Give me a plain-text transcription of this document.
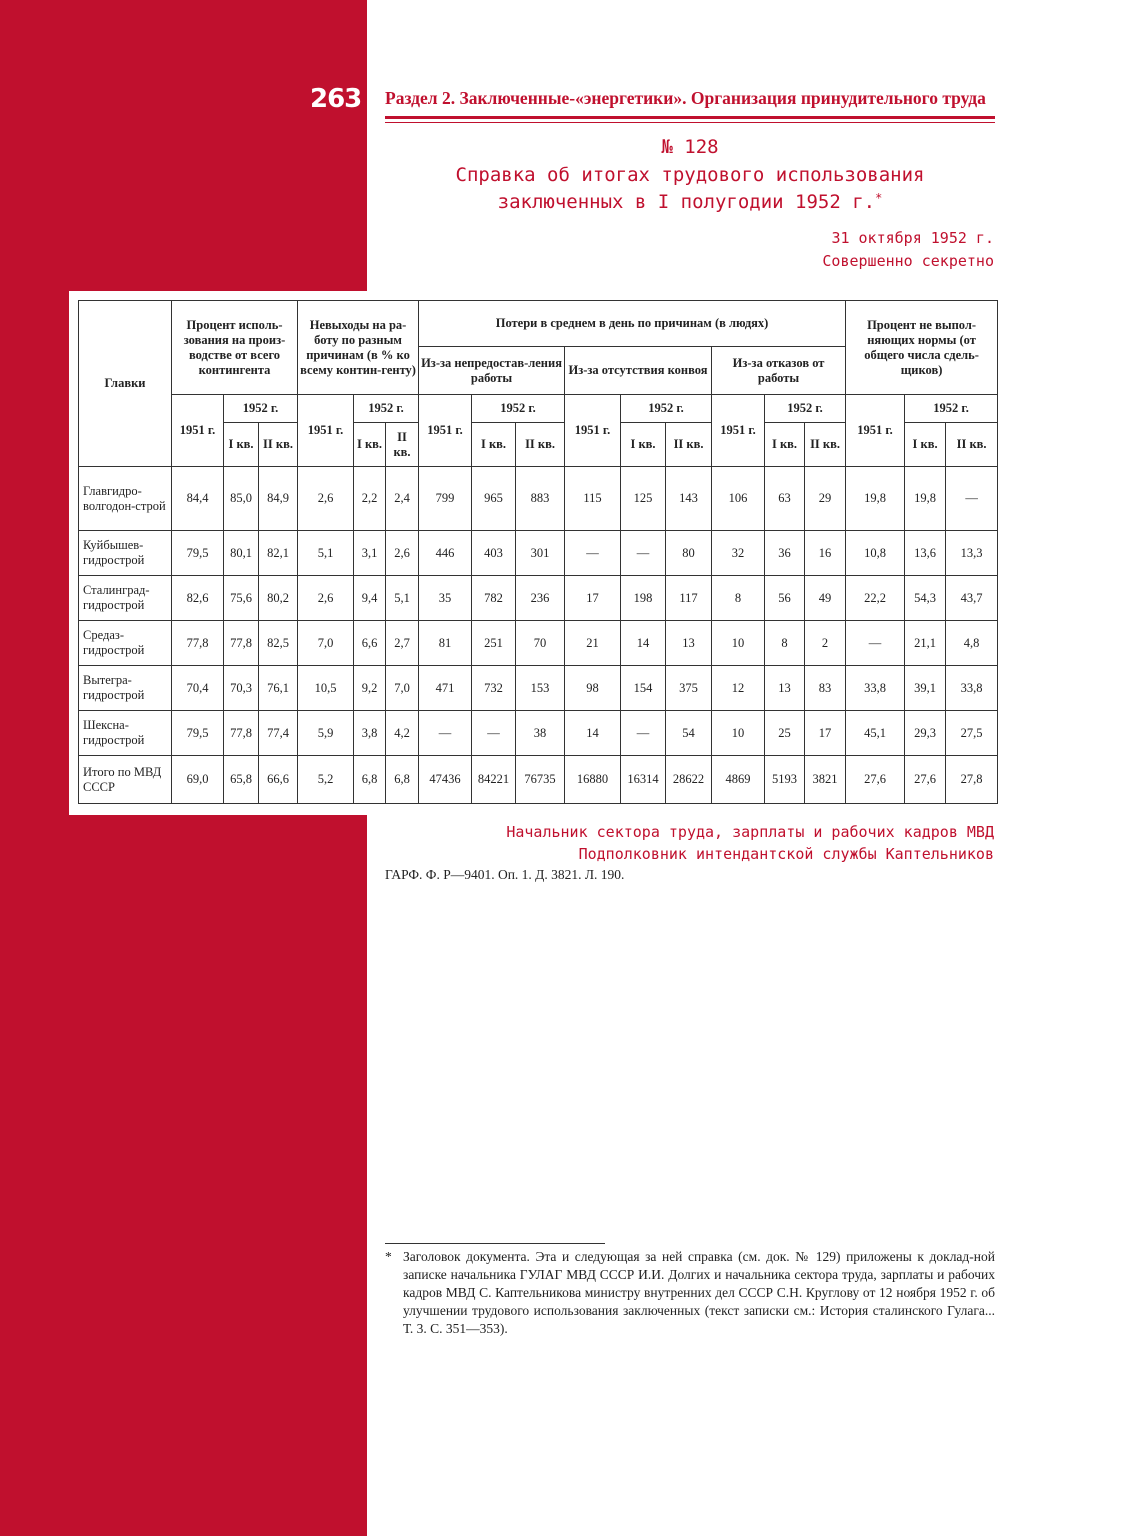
263 Раздел 2. Заключенные-«энергетики». Организация принудительного труда
№ 128
Справка об итогах трудового использования
заключенных в I полугодии 1952 г.*
31 октября 1952 г.
Совершенно секретно
Главки	Процент исполь-зования на произ-водстве от всего контингента			Невыходы на ра-боту по разным причинам (в % ко всему контин-генту)			Потери в среднем в день по причинам (в людях)									Процент не выпол-няющих нормы (от общего числа сдель-щиков)		
							Из-за непредостав-ления работы			Из-за отсутствия конвоя			Из-за отказов от работы					
	1951 г.	1952 г.		1951 г.	1952 г.		1951 г.	1952 г.		1951 г.	1952 г.		1951 г.	1952 г.		1951 г.	1952 г.	
		I кв.	II кв.		I кв.	II кв.		I кв.	II кв.		I кв.	II кв.		I кв.	II кв.		I кв.	II кв.
Главгидро-волгодон-строй	84,4	85,0	84,9	2,6	2,2	2,4	799	965	883	115	125	143	106	63	29	19,8	19,8	—
Куйбышев-гидрострой	79,5	80,1	82,1	5,1	3,1	2,6	446	403	301	—	—	80	32	36	16	10,8	13,6	13,3
Сталинград-гидрострой	82,6	75,6	80,2	2,6	9,4	5,1	35	782	236	17	198	117	8	56	49	22,2	54,3	43,7
Средаз-гидрострой	77,8	77,8	82,5	7,0	6,6	2,7	81	251	70	21	14	13	10	8	2	—	21,1	4,8
Вытегра-гидрострой	70,4	70,3	76,1	10,5	9,2	7,0	471	732	153	98	154	375	12	13	83	33,8	39,1	33,8
Шексна-гидрострой	79,5	77,8	77,4	5,9	3,8	4,2	—	—	38	14	—	54	10	25	17	45,1	29,3	27,5
Итого по МВД СССР	69,0	65,8	66,6	5,2	6,8	6,8	47436	84221	76735	16880	16314	28622	4869	5193	3821	27,6	27,6	27,8
Начальник сектора труда, зарплаты и рабочих кадров МВД
Подполковник интендантской службы Каптельников
ГАРФ. Ф. Р—9401. Оп. 1. Д. 3821. Л. 190.
* Заголовок документа. Эта и следующая за ней справка (см. док. № 129) приложены к доклад-ной записке начальника ГУЛАГ МВД СССР И.И. Долгих и начальника сектора труда, зарплаты и рабочих кадров МВД С. Каптельникова министру внутренних дел СССР С.Н. Круглову от 12 ноября 1952 г. об улучшении трудового использования заключенных (текст записки см.: История сталинского Гулага... Т. 3. С. 351—353).
